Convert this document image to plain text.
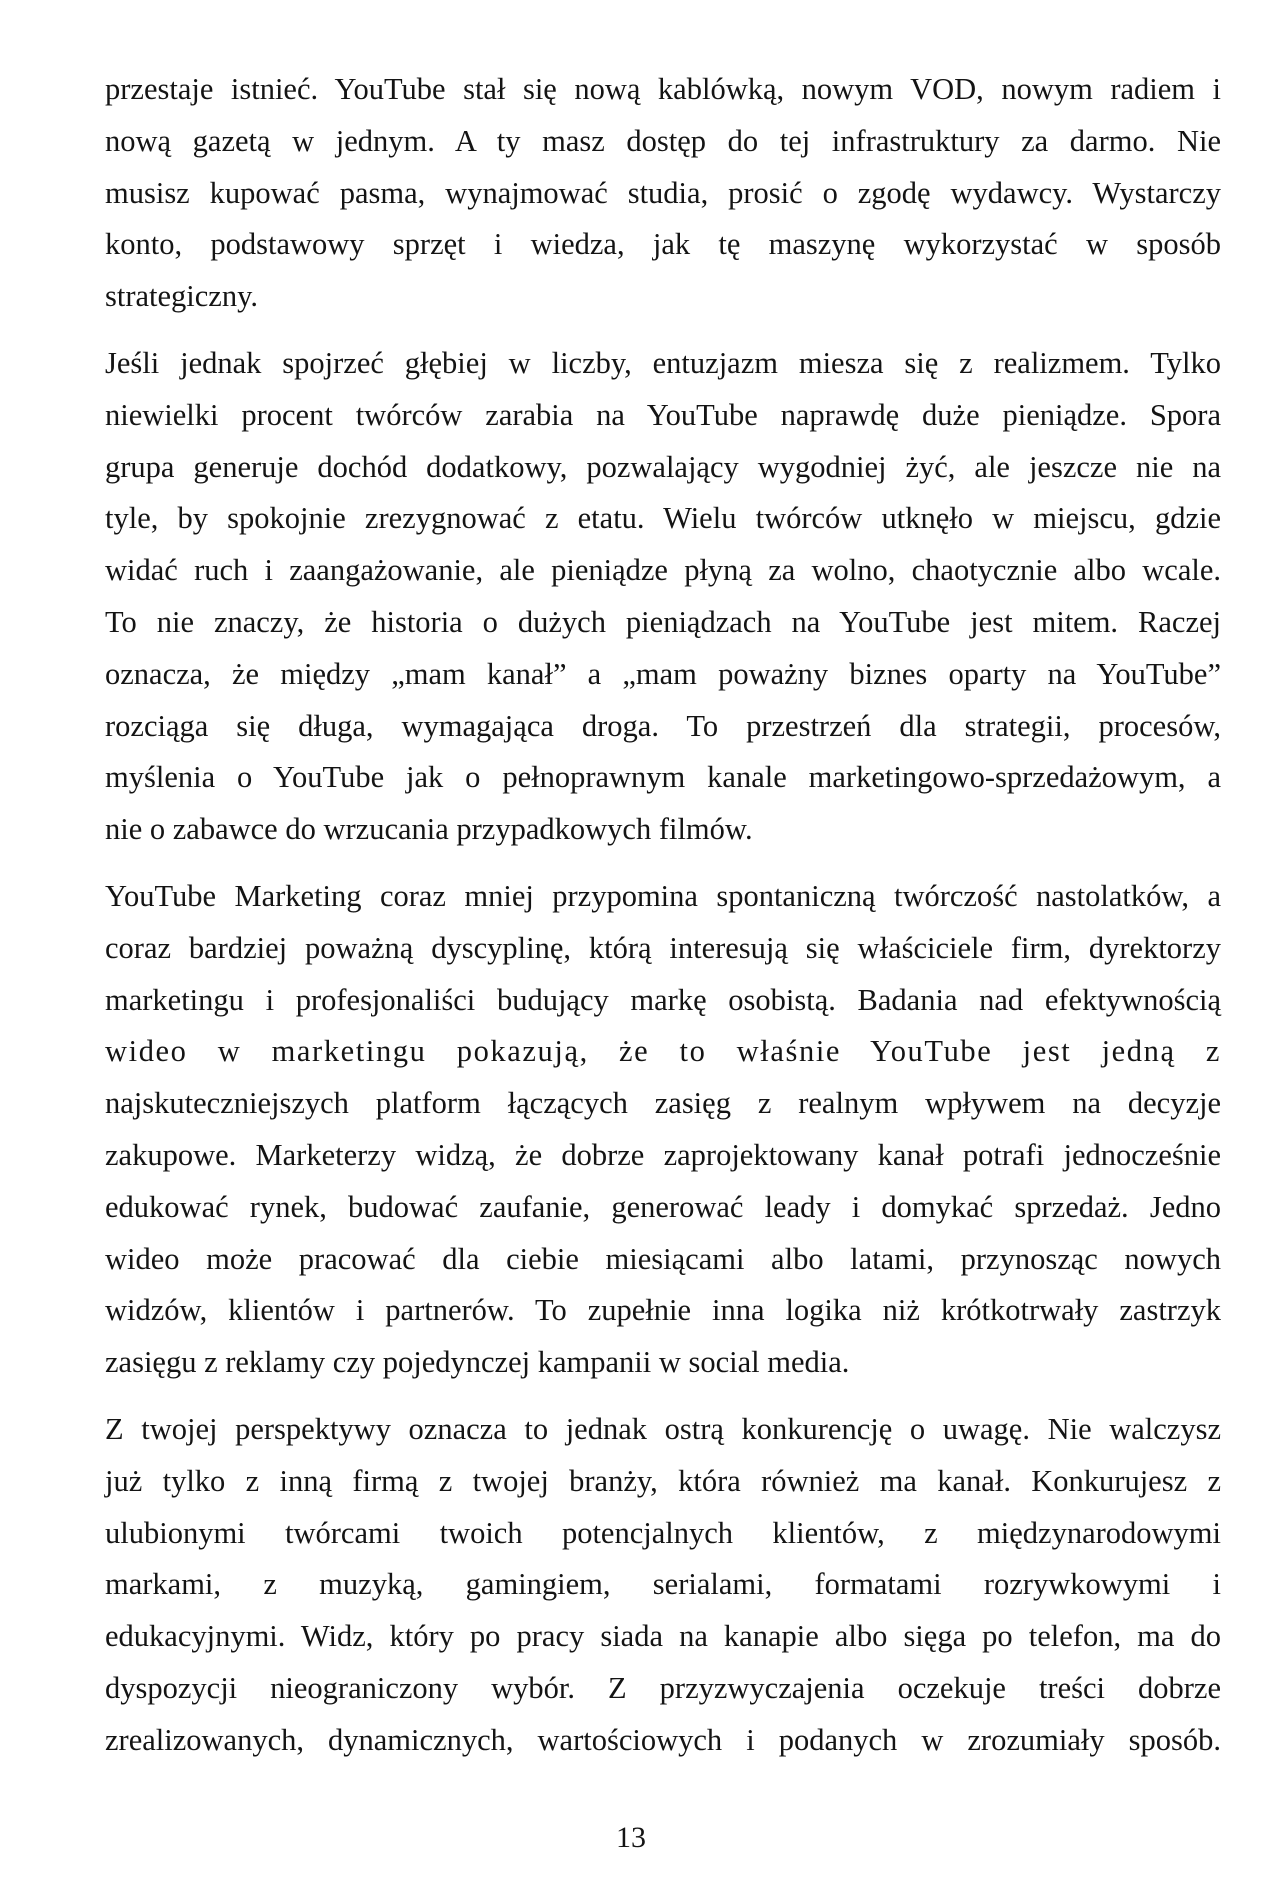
przestaje istnieć. YouTube stał się nową kablówką, nowym VOD, nowym radiem i
nową gazetą w jednym. A ty masz dostęp do tej infrastruktury za darmo. Nie
musisz kupować pasma, wynajmować studia, prosić o zgodę wydawcy. Wystarczy
konto, podstawowy sprzęt i wiedza, jak tę maszynę wykorzystać w sposób
strategiczny.

Jeśli jednak spojrzeć głębiej w liczby, entuzjazm miesza się z realizmem. Tylko
niewielki procent twórców zarabia na YouTube naprawdę duże pieniądze. Spora
grupa generuje dochód dodatkowy, pozwalający wygodniej żyć, ale jeszcze nie na
tyle, by spokojnie zrezygnować z etatu. Wielu twórców utknęło w miejscu, gdzie
widać ruch i zaangażowanie, ale pieniądze płyną za wolno, chaotycznie albo wcale.
To nie znaczy, że historia o dużych pieniądzach na YouTube jest mitem. Raczej
oznacza, że między „mam kanał” a „mam poważny biznes oparty na YouTube”
rozciąga się długa, wymagająca droga. To przestrzeń dla strategii, procesów,
myślenia o YouTube jak o pełnoprawnym kanale marketingowo-sprzedażowym, a
nie o zabawce do wrzucania przypadkowych filmów.

YouTube Marketing coraz mniej przypomina spontaniczną twórczość nastolatków, a
coraz bardziej poważną dyscyplinę, którą interesują się właściciele firm, dyrektorzy
marketingu i profesjonaliści budujący markę osobistą. Badania nad efektywnością
wideo w marketingu pokazują, że to właśnie YouTube jest jedną z
najskuteczniejszych platform łączących zasięg z realnym wpływem na decyzje
zakupowe. Marketerzy widzą, że dobrze zaprojektowany kanał potrafi jednocześnie
edukować rynek, budować zaufanie, generować leady i domykać sprzedaż. Jedno
wideo może pracować dla ciebie miesiącami albo latami, przynosząc nowych
widzów, klientów i partnerów. To zupełnie inna logika niż krótkotrwały zastrzyk
zasięgu z reklamy czy pojedynczej kampanii w social media.

Z twojej perspektywy oznacza to jednak ostrą konkurencję o uwagę. Nie walczysz
już tylko z inną firmą z twojej branży, która również ma kanał. Konkurujesz z
ulubionymi twórcami twoich potencjalnych klientów, z międzynarodowymi
markami, z muzyką, gamingiem, serialami, formatami rozrywkowymi i
edukacyjnymi. Widz, który po pracy siada na kanapie albo sięga po telefon, ma do
dyspozycji nieograniczony wybór. Z przyzwyczajenia oczekuje treści dobrze
zrealizowanych, dynamicznych, wartościowych i podanych w zrozumiały sposób.

13
